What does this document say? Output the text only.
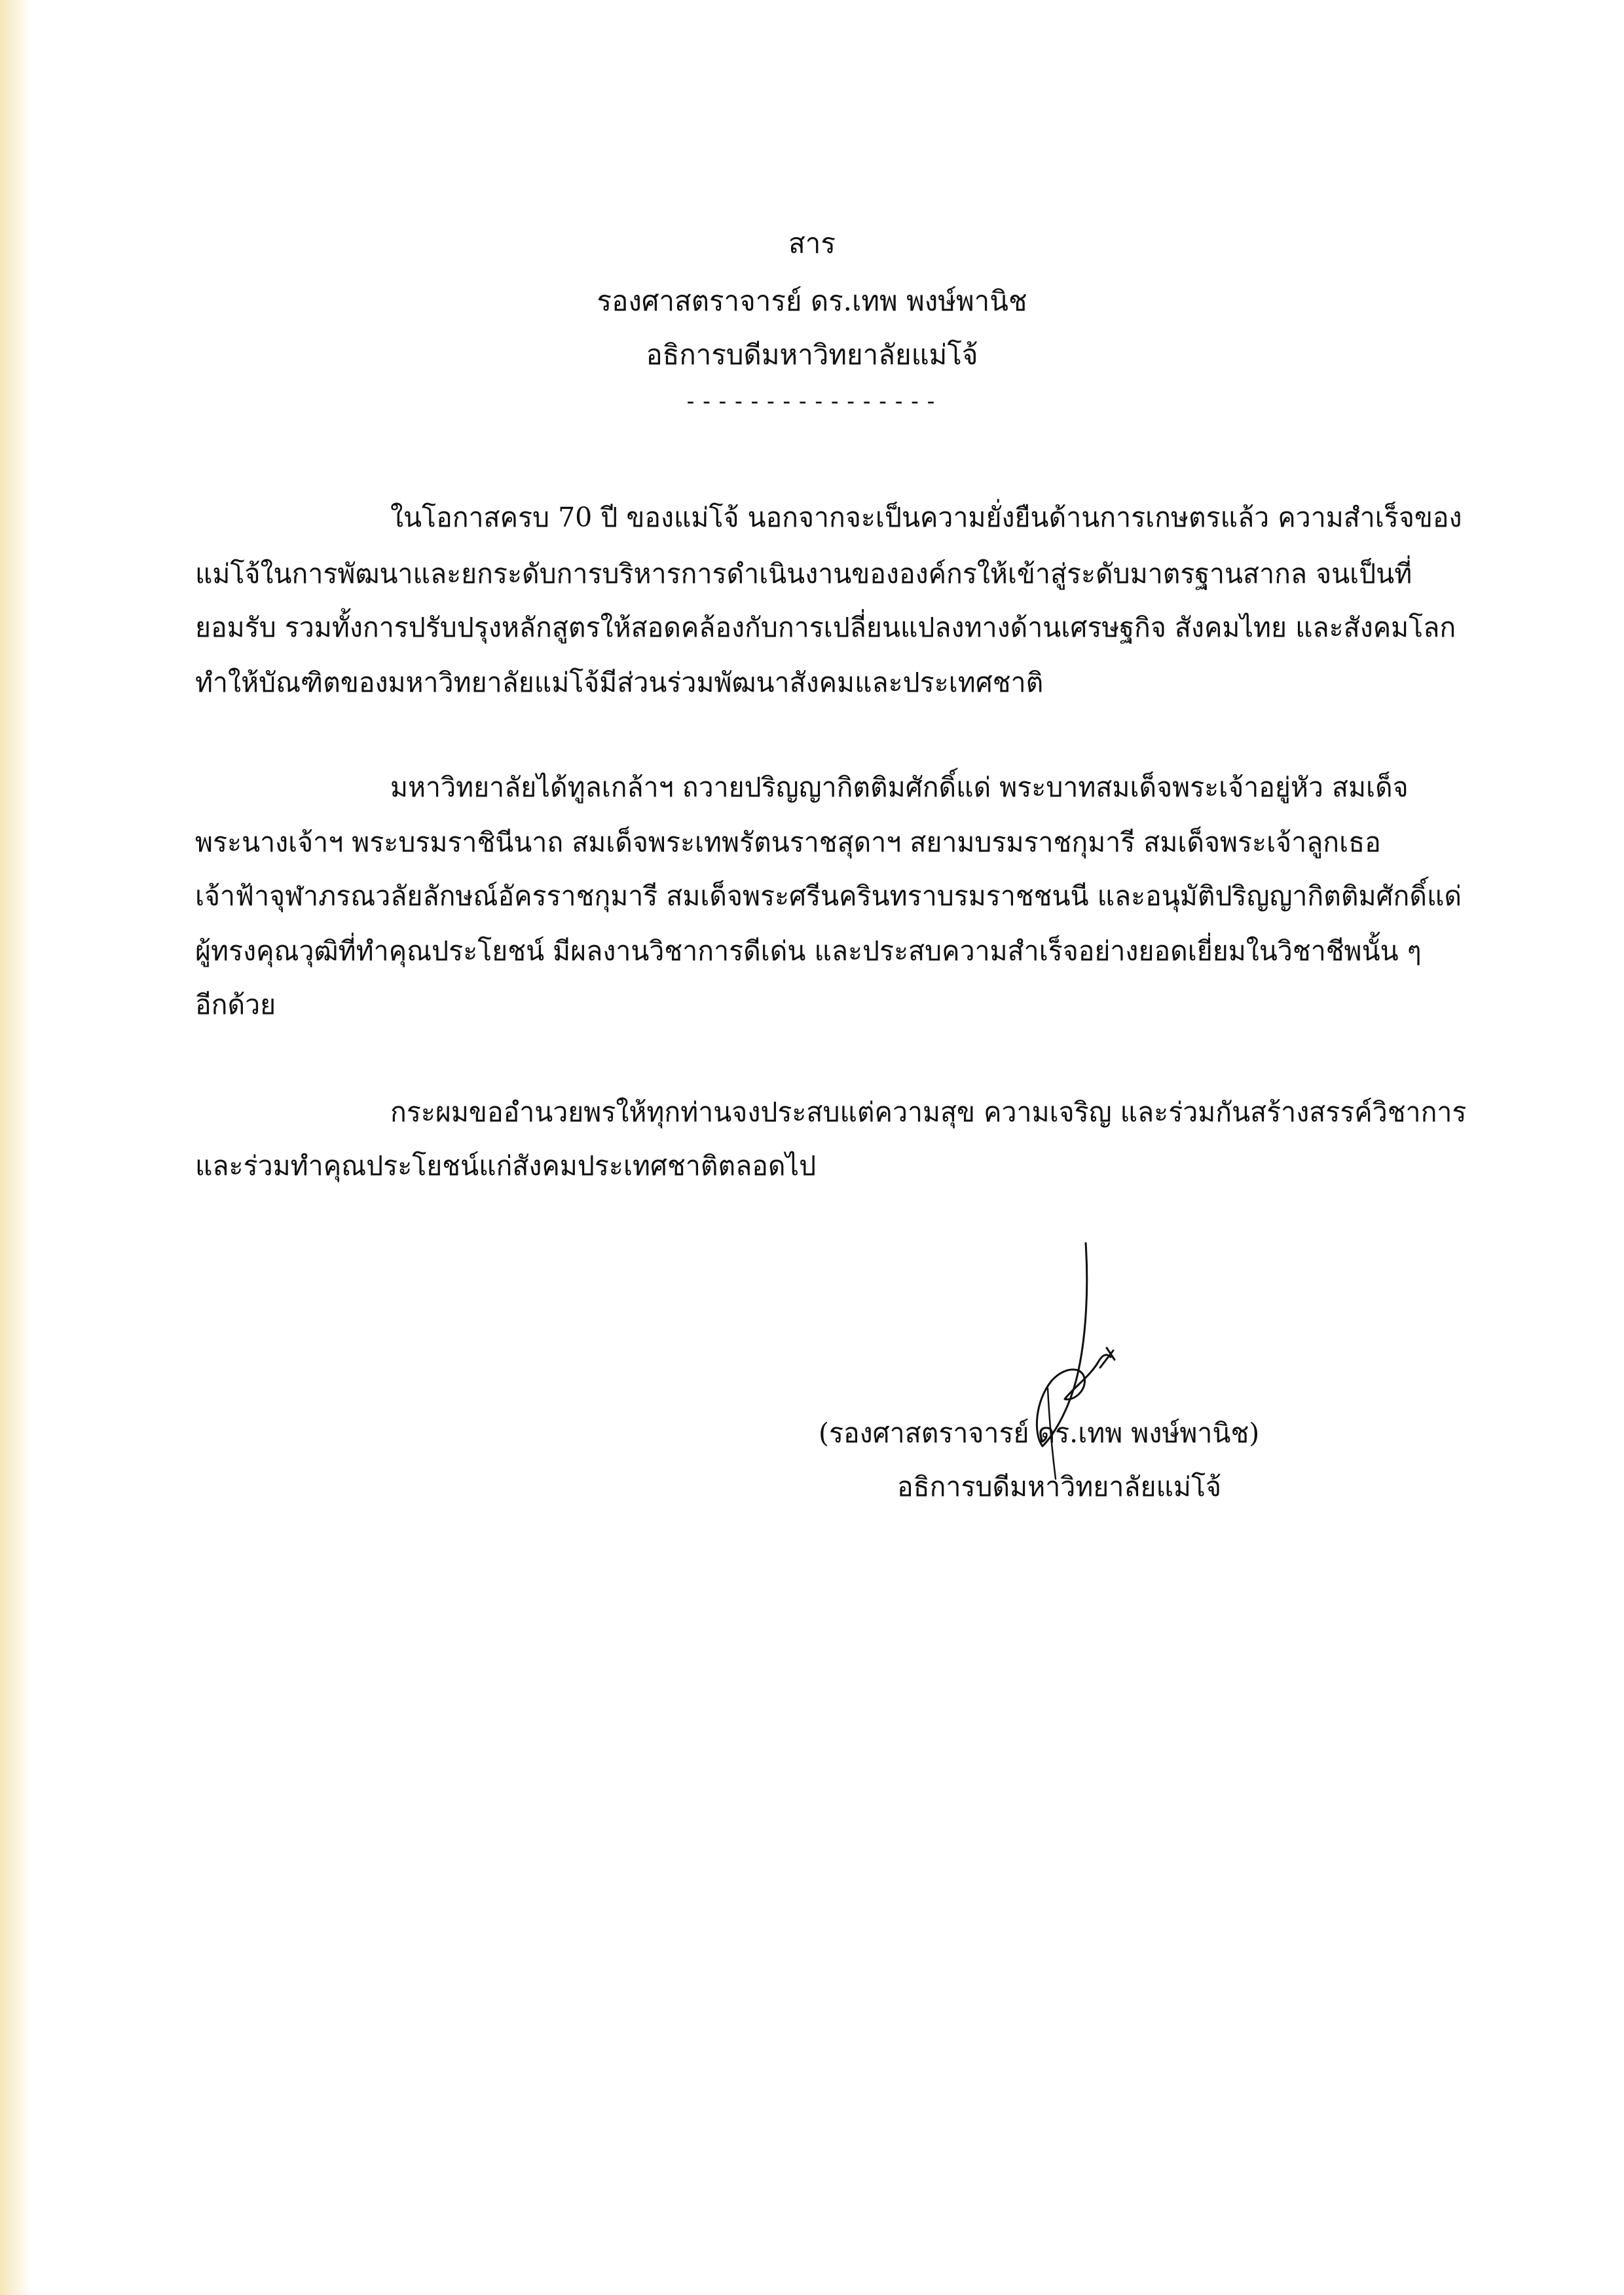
สาร
รองศาสตราจารย์ ดร.เทพ พงษ์พานิช
อธิการบดีมหาวิทยาลัยแม่โจ้
----------------
ในโอกาสครบ 70 ปี ของแม่โจ้ นอกจากจะเป็นความยั่งยืนด้านการเกษตรแล้ว ความสำเร็จของ
แม่โจ้ในการพัฒนาและยกระดับการบริหารการดำเนินงานขององค์กรให้เข้าสู่ระดับมาตรฐานสากล จนเป็นที่
ยอมรับ รวมทั้งการปรับปรุงหลักสูตรให้สอดคล้องกับการเปลี่ยนแปลงทางด้านเศรษฐกิจ สังคมไทย และสังคมโลก
ทำให้บัณฑิตของมหาวิทยาลัยแม่โจ้มีส่วนร่วมพัฒนาสังคมและประเทศชาติ
มหาวิทยาลัยได้ทูลเกล้าฯ ถวายปริญญากิตติมศักดิ์แด่ พระบาทสมเด็จพระเจ้าอยู่หัว สมเด็จ
พระนางเจ้าฯ พระบรมราชินีนาถ สมเด็จพระเทพรัตนราชสุดาฯ สยามบรมราชกุมารี สมเด็จพระเจ้าลูกเธอ
เจ้าฟ้าจุฬาภรณวลัยลักษณ์อัครราชกุมารี สมเด็จพระศรีนครินทราบรมราชชนนี และอนุมัติปริญญากิตติมศักดิ์แด่
ผู้ทรงคุณวุฒิที่ทำคุณประโยชน์ มีผลงานวิชาการดีเด่น และประสบความสำเร็จอย่างยอดเยี่ยมในวิชาชีพนั้น ๆ
อีกด้วย
กระผมขออำนวยพรให้ทุกท่านจงประสบแต่ความสุข ความเจริญ และร่วมกันสร้างสรรค์วิชาการ
และร่วมทำคุณประโยชน์แก่สังคมประเทศชาติตลอดไป
(รองศาสตราจารย์ ดร.เทพ พงษ์พานิช)
อธิการบดีมหาวิทยาลัยแม่โจ้
